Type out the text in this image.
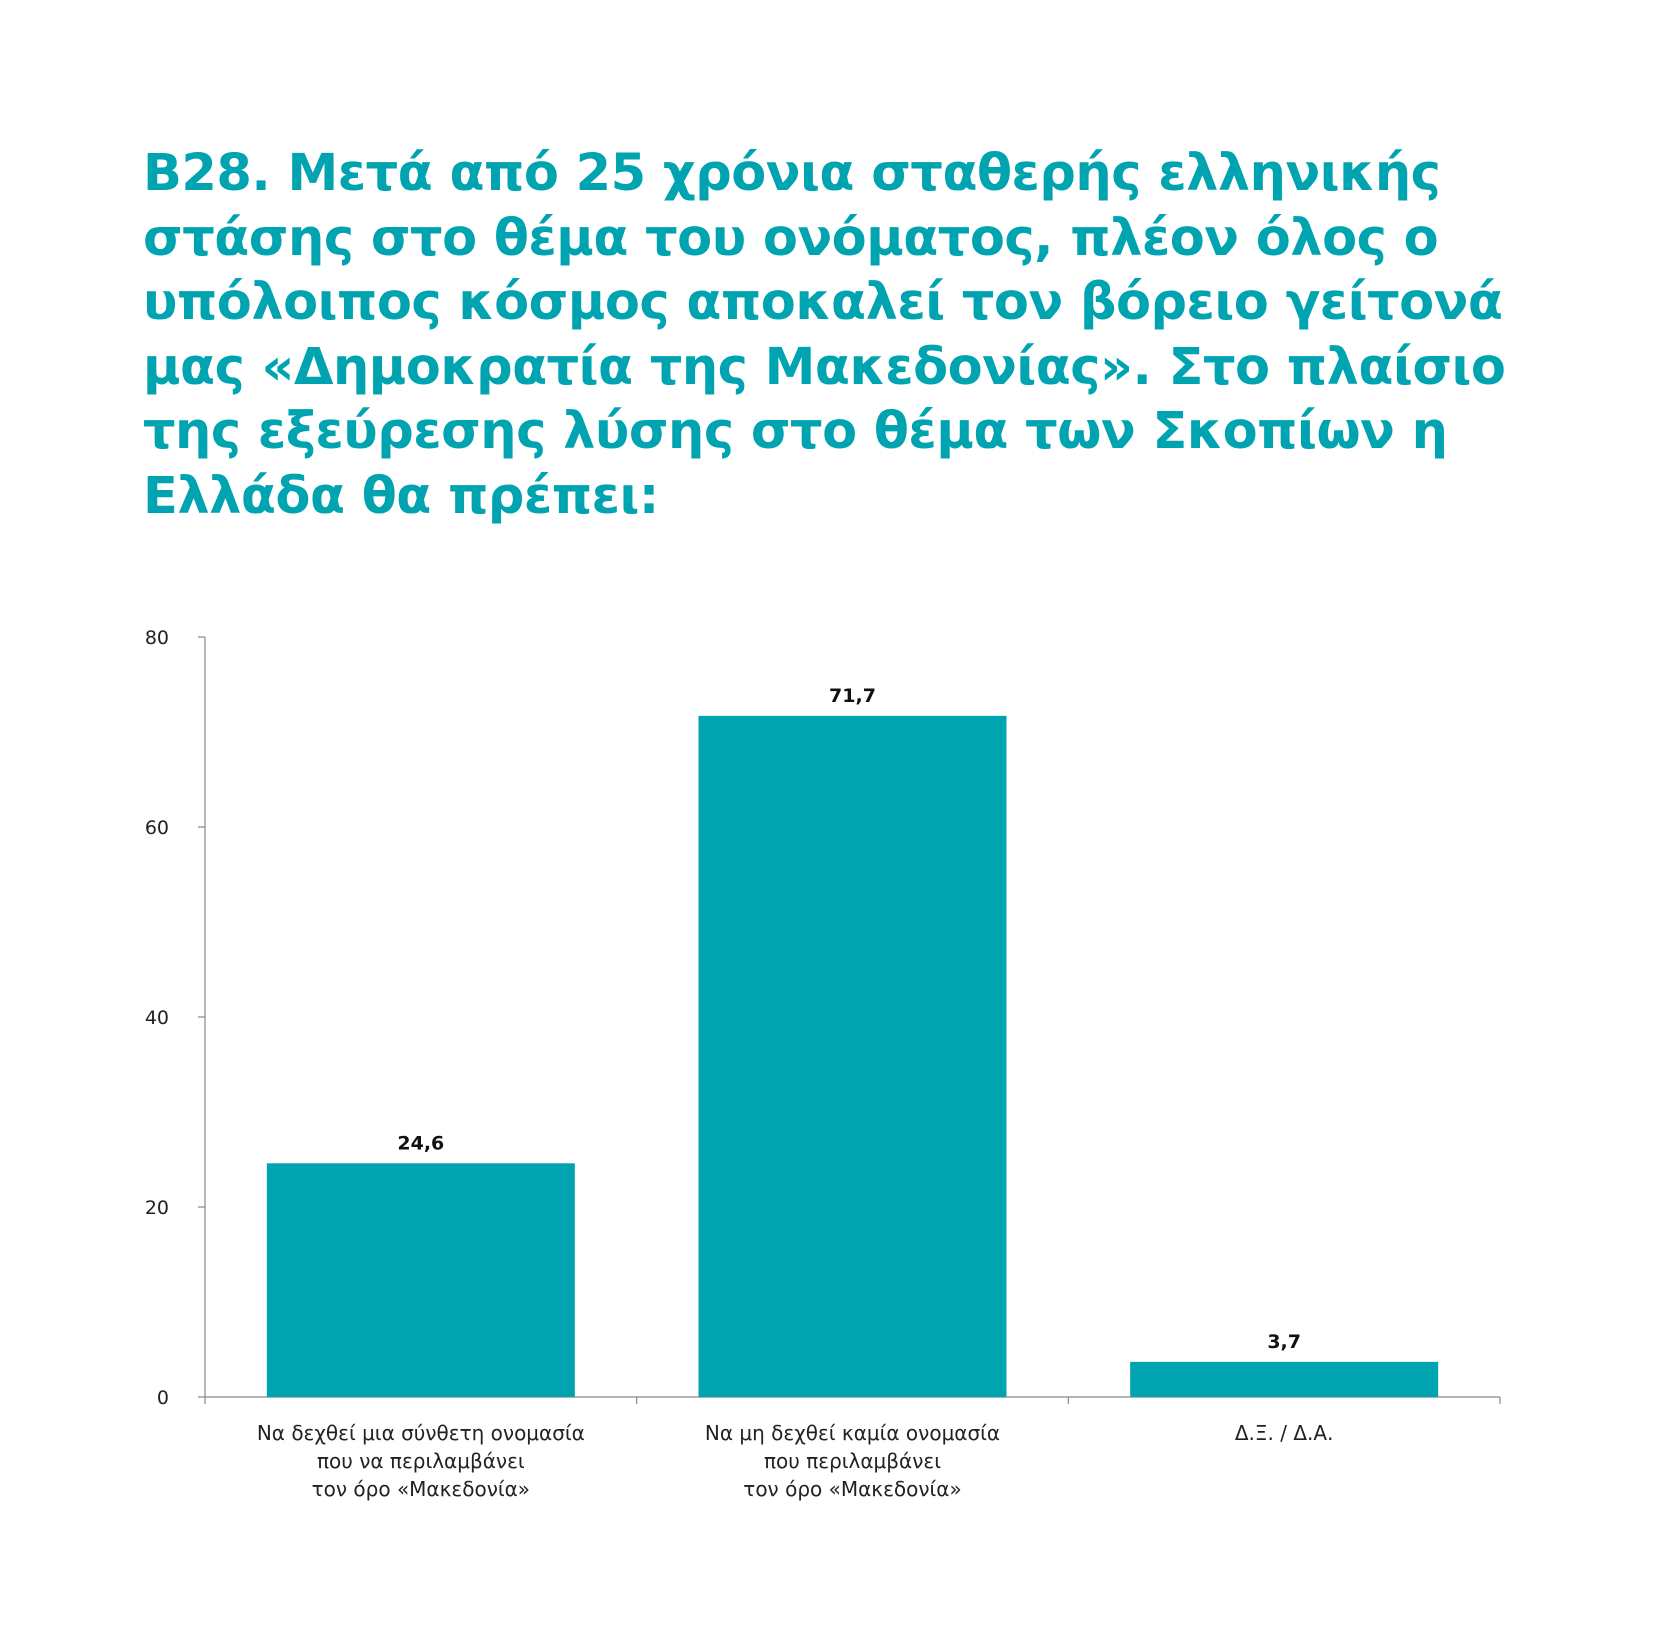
Β28. Μετά από 25 χρόνια σταθερής ελληνικής
στάσης στο θέμα του ονόματος, πλέον όλος ο
υπόλοιπος κόσμος αποκαλεί τον βόρειο γείτονά
μας «Δημοκρατία της Μακεδονίας». Στο πλαίσιο
της εξεύρεσης λύσης στο θέμα των Σκοπίων η
Ελλάδα θα πρέπει:
0
20
40
60
80
24,6
Να δεχθεί μια σύνθετη ονομασία
που να περιλαμβάνει
τον όρο «Μακεδονία»
71,7
Να μη δεχθεί καμία ονομασία
που περιλαμβάνει
τον όρο «Μακεδονία»
3,7
Δ.Ξ. / Δ.Α.
